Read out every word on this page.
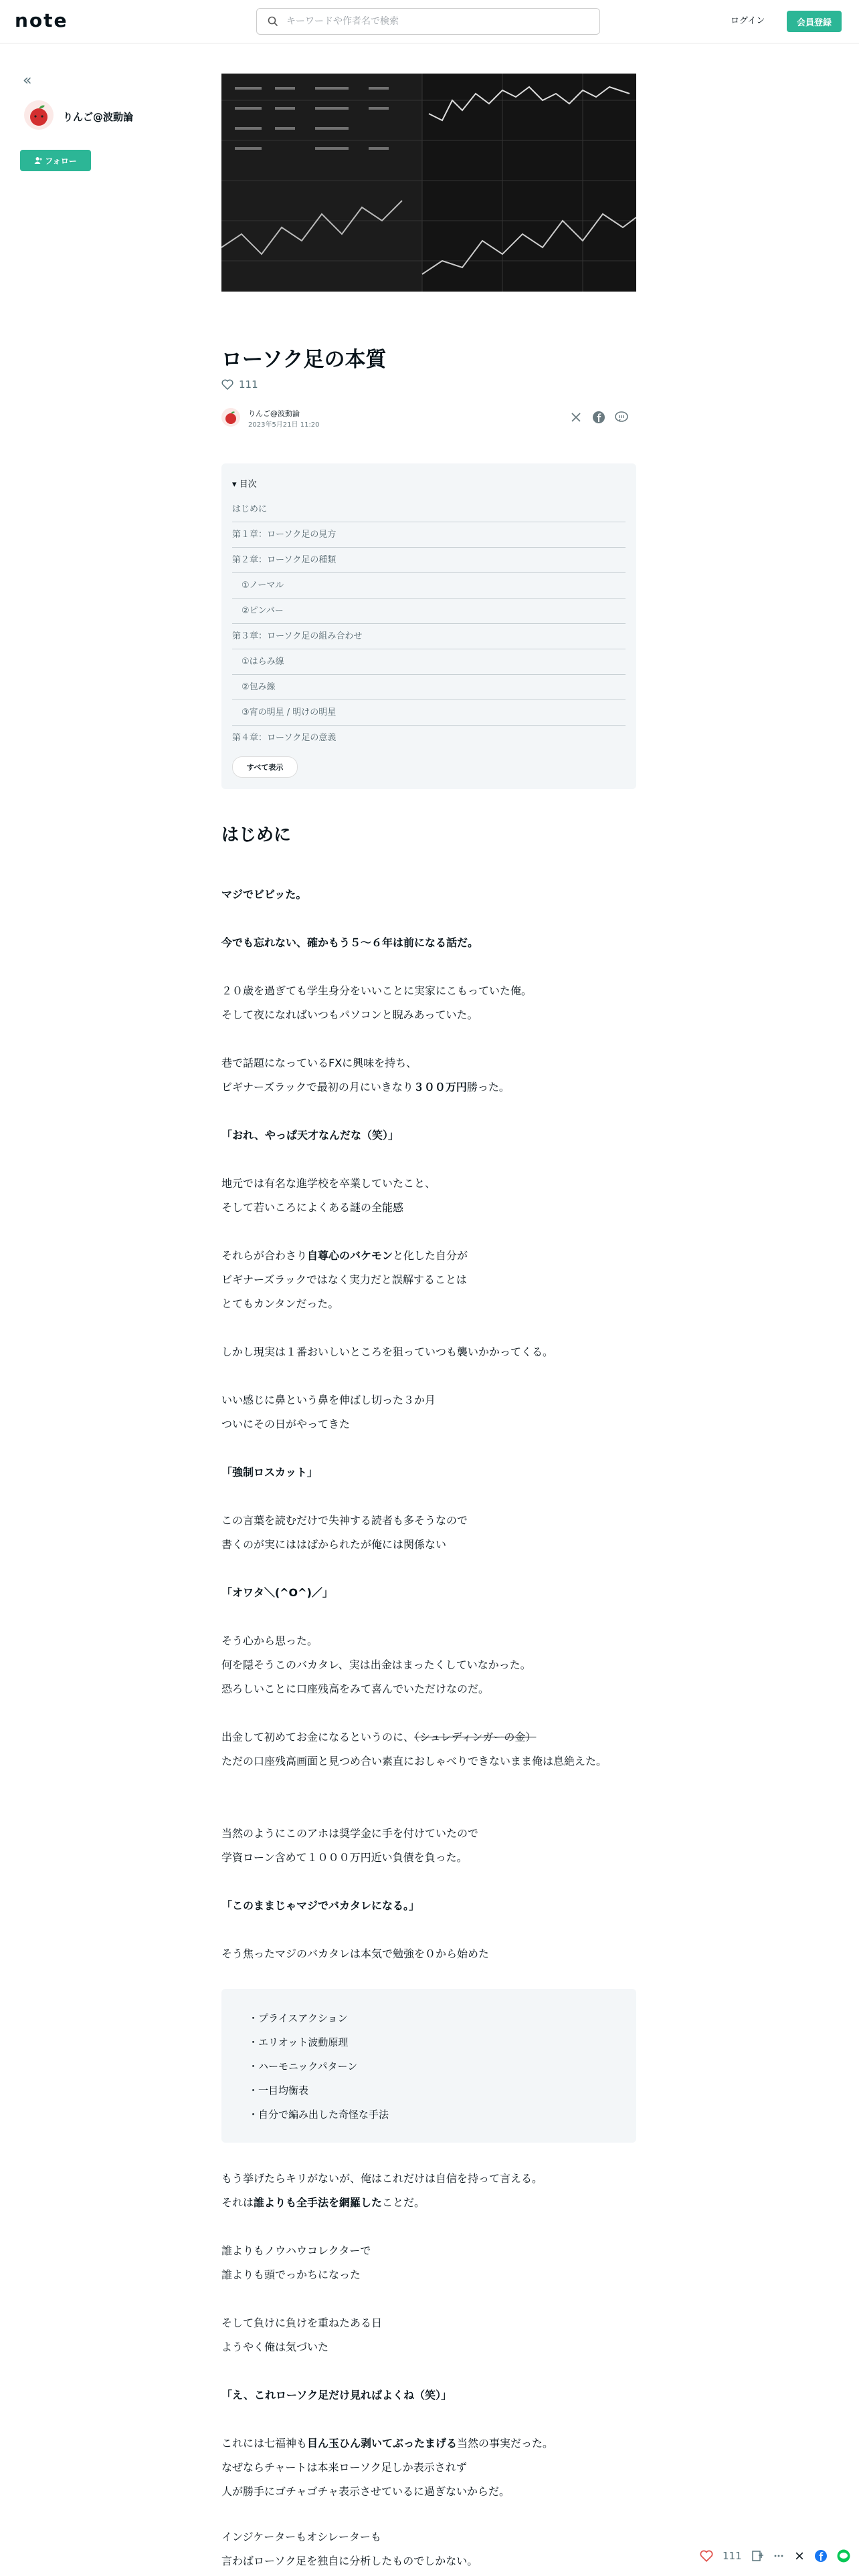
note
キーワードや作者名で検索	ログイン	会員登録
«
りんご@波動論
フォロー
ローソク足の本質
111
りんご@波動論
2023年5月21日 11:20
▾ 目次
はじめに
第１章：ローソク足の見方
第２章：ローソク足の種類
①ノーマル
②ピンバー
第３章：ローソク足の組み合わせ
①はらみ線
②包み線
③宵の明星 / 明けの明星
第４章：ローソク足の意義
すべて表示
はじめに

マジでビビッた。

今でも忘れない、確かもう５〜６年は前になる話だ。

２０歳を過ぎても学生身分をいいことに実家にこもっていた俺。
そして夜になればいつもパソコンと睨みあっていた。

巷で話題になっているFXに興味を持ち、
ビギナーズラックで最初の月にいきなり３００万円勝った。

「おれ、やっぱ天才なんだな（笑）」

地元では有名な進学校を卒業していたこと、
そして若いころによくある謎の全能感

それらが合わさり自尊心のバケモンと化した自分が
ビギナーズラックではなく実力だと誤解することは
とてもカンタンだった。

しかし現実は１番おいしいところを狙っていつも襲いかかってくる。

いい感じに鼻という鼻を伸ばし切った３か月
ついにその日がやってきた

「強制ロスカット」

この言葉を読むだけで失神する読者も多そうなので
書くのが実にははばかられたが俺には関係ない

「オワタ＼(^O^)／」

そう心から思った。
何を隠そうこのバカタレ、実は出金はまったくしていなかった。
恐ろしいことに口座残高をみて喜んでいただけなのだ。

出金して初めてお金になるというのに、（シュレディンガーの金）
ただの口座残高画面と見つめ合い素直におしゃべりできないまま俺は息絶えた。

当然のようにこのアホは奨学金に手を付けていたので
学資ローン含めて１０００万円近い負債を負った。

「このままじゃマジでバカタレになる。」

そう焦ったマジのバカタレは本気で勉強を０から始めた

・ プライスアクション
・ エリオット波動原理
・ ハーモニックパターン
・ 一目均衡表
・ 自分で編み出した奇怪な手法

もう挙げたらキリがないが、俺はこれだけは自信を持って言える。
それは誰よりも全手法を網羅したことだ。

誰よりもノウハウコレクターで
誰よりも頭でっかちになった

そして負けに負けを重ねたある日
ようやく俺は気づいた

「え、これローソク足だけ見ればよくね（笑）」

これには七福神も目ん玉ひん剥いてぶったまげる当然の事実だった。
なぜならチャートは本来ローソク足しか表示されず
人が勝手にゴチャゴチャ表示させているに過ぎないからだ。

インジケーターもオシレーターも
言わばローソク足を独自に分析したものでしかない。	111
